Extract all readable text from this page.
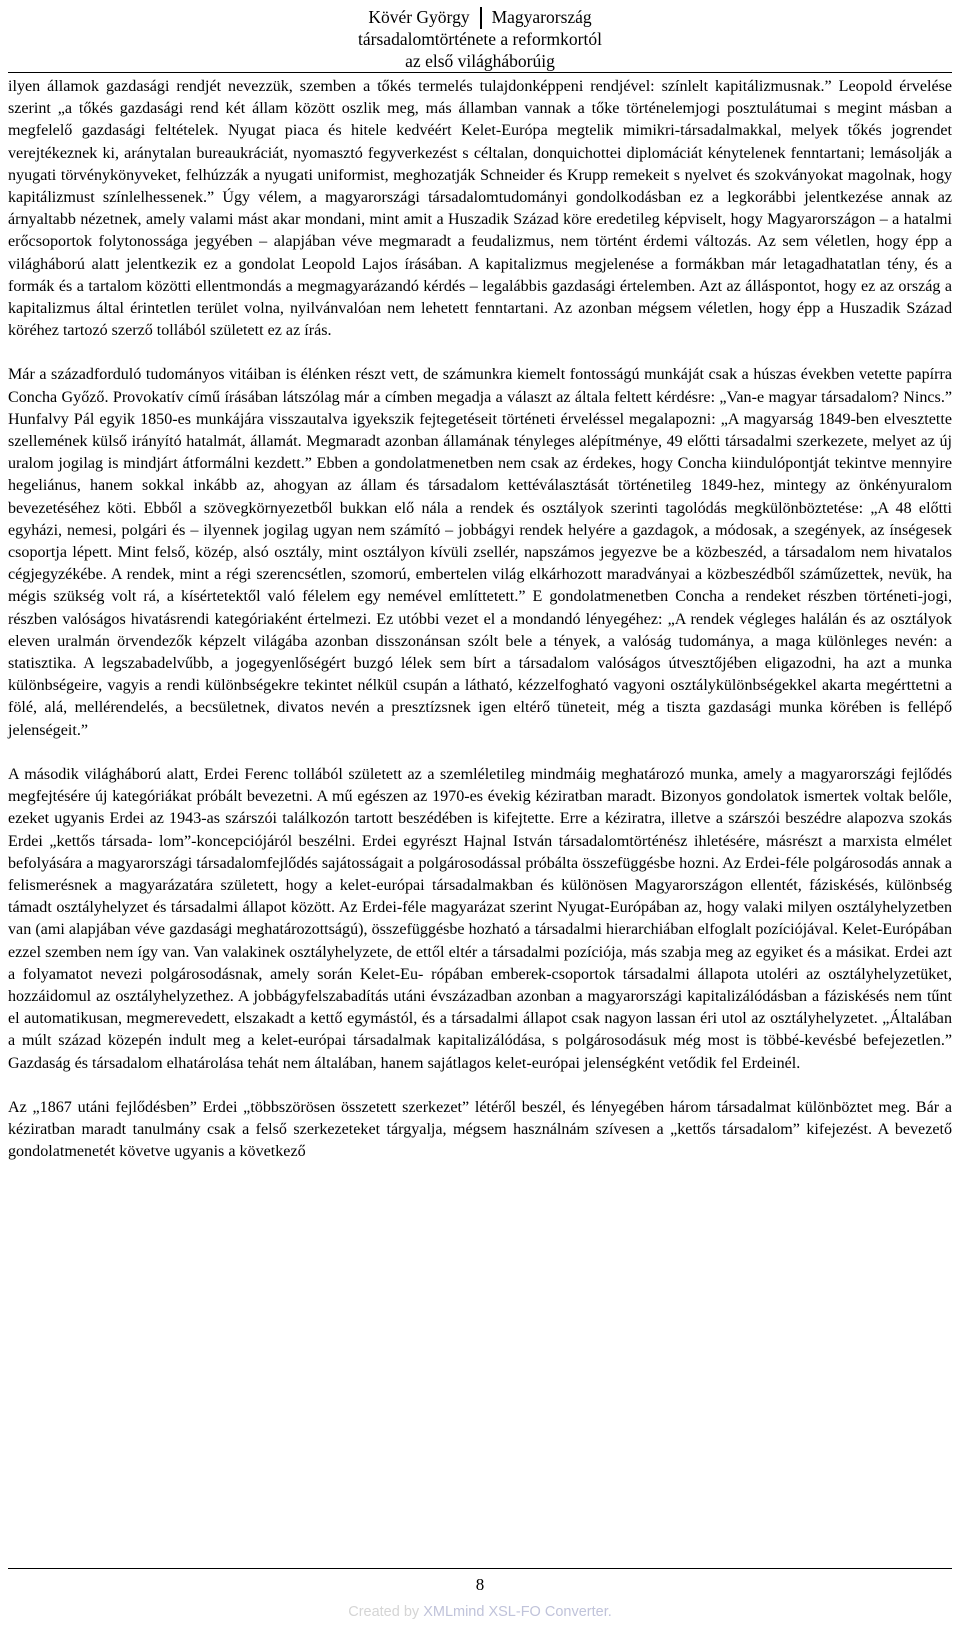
Kövér György	Magyarország
társadalomtörténete a reformkortól
az első világháborúig

ilyen államok gazdasági rendjét nevezzük, szemben a tőkés termelés tulajdonképpeni rendjével: színlelt kapitálizmusnak.” Leopold érvelése szerint „a tőkés gazdasági rend két állam között oszlik meg, más államban vannak a tőke történelemjogi posztulátumai s megint másban a megfelelő gazdasági feltételek. Nyugat piaca és hitele kedvéért Kelet-Európa megtelik mimikri-társadalmakkal, melyek tőkés jogrendet verejtékeznek ki, aránytalan bureaukráciát, nyomasztó fegyverkezést s céltalan, donquichottei diplomáciát kénytelenek fenntartani; lemásolják a nyugati törvénykönyveket, felhúzzák a nyugati uniformist, meghozatják Schneider és Krupp remekeit s nyelvet és szokványokat magolnak, hogy kapitálizmust színlelhessenek.” Úgy vélem, a magyarországi társadalomtudományi gondolkodásban ez a legkorábbi jelentkezése annak az árnyaltabb nézetnek, amely valami mást akar mondani, mint amit a Huszadik Század köre eredetileg képviselt, hogy Magyarországon – a hatalmi erőcsoportok folytonossága jegyében – alapjában véve megmaradt a feudalizmus, nem történt érdemi változás. Az sem véletlen, hogy épp a világháború alatt jelentkezik ez a gondolat Leopold Lajos írásában. A kapitalizmus megjelenése a formákban már letagadhatatlan tény, és a formák és a tartalom közötti ellentmondás a megmagyarázandó kérdés – legalábbis gazdasági értelemben. Azt az álláspontot, hogy ez az ország a kapitalizmus által érintetlen terület volna, nyilvánvalóan nem lehetett fenntartani. Az azonban mégsem véletlen, hogy épp a Huszadik Század köréhez tartozó szerző tollából született ez az írás.

Már a századforduló tudományos vitáiban is élénken részt vett, de számunkra kiemelt fontosságú munkáját csak a húszas években vetette papírra Concha Győző. Provokatív című írásában látszólag már a címben megadja a választ az általa feltett kérdésre: „Van-e magyar társadalom? Nincs.” Hunfalvy Pál egyik 1850-es munkájára visszautalva igyekszik fejtegetéseit történeti érveléssel megalapozni: „A magyarság 1849-ben elvesztette szellemének külső irányító hatalmát, államát. Megmaradt azonban államának tényleges alépítménye, 49 előtti társadalmi szerkezete, melyet az új uralom jogilag is mindjárt átformálni kezdett.” Ebben a gondolatmenetben nem csak az érdekes, hogy Concha kiindulópontját tekintve mennyire hegeliánus, hanem sokkal inkább az, ahogyan az állam és társadalom kettéválasztását történetileg 1849-hez, mintegy az önkényuralom bevezetéséhez köti. Ebből a szövegkörnyezetből bukkan elő nála a rendek és osztályok szerinti tagolódás megkülönböztetése: „A 48 előtti egyházi, nemesi, polgári és – ilyennek jogilag ugyan nem számító – jobbágyi rendek helyére a gazdagok, a módosak, a szegények, az ínségesek csoportja lépett. Mint felső, közép, alsó osztály, mint osztályon kívüli zsellér, napszámos jegyezve be a közbeszéd, a társadalom nem hivatalos cégjegyzékébe. A rendek, mint a régi szerencsétlen, szomorú, embertelen világ elkárhozott maradványai a közbeszédből száműzettek, nevük, ha mégis szükség volt rá, a kísértetektől való félelem egy nemével említtetett.” E gondolatmenetben Concha a rendeket részben történeti-jogi, részben valóságos hivatásrendi kategóriaként értelmezi. Ez utóbbi vezet el a mondandó lényegéhez: „A rendek végleges halálán és az osztályok eleven uralmán örvendezők képzelt világába azonban disszonánsan szólt bele a tények, a valóság tudománya, a maga különleges nevén: a statisztika. A legszabadelvűbb, a jogegyenlőségért buzgó lélek sem bírt a társadalom valóságos útvesztőjében eligazodni, ha azt a munka különbségeire, vagyis a rendi különbségekre tekintet nélkül csupán a látható, kézzelfogható vagyoni osztálykülönbségekkel akarta megérttetni a fölé, alá, mellérendelés, a becsületnek, divatos nevén a presztízsnek igen eltérő tüneteit, még a tiszta gazdasági munka körében is fellépő jelenségeit.”

A második világháború alatt, Erdei Ferenc tollából született az a szemléletileg mindmáig meghatározó munka, amely a magyarországi fejlődés megfejtésére új kategóriákat próbált bevezetni. A mű egészen az 1970-es évekig kéziratban maradt. Bizonyos gondolatok ismertek voltak belőle, ezeket ugyanis Erdei az 1943-as szárszói találkozón tartott beszédében is kifejtette. Erre a kéziratra, illetve a szárszói beszédre alapozva szokás Erdei „kettős társada- lom”-koncepciójáról beszélni. Erdei egyrészt Hajnal István társadalomtörténész ihletésére, másrészt a marxista elmélet befolyására a magyarországi társadalomfejlődés sajátosságait a polgárosodással próbálta összefüggésbe hozni. Az Erdei-féle polgárosodás annak a felismerésnek a magyarázatára született, hogy a kelet-európai társadalmakban és különösen Magyarországon ellentét, fáziskésés, különbség támadt osztályhelyzet és társadalmi állapot között. Az Erdei-féle magyarázat szerint Nyugat-Európában az, hogy valaki milyen osztályhelyzetben van (ami alapjában véve gazdasági meghatározottságú), összefüggésbe hozható a társadalmi hierarchiában elfoglalt pozíciójával. Kelet-Európában ezzel szemben nem így van. Van valakinek osztályhelyzete, de ettől eltér a társadalmi pozíciója, más szabja meg az egyiket és a másikat. Erdei azt a folyamatot nevezi polgárosodásnak, amely során Kelet-Eu- rópában emberek-csoportok társadalmi állapota utoléri az osztályhelyzetüket, hozzáidomul az osztályhelyzethez. A jobbágyfelszabadítás utáni évszázadban azonban a magyarországi kapitalizálódásban a fáziskésés nem tűnt el automatikusan, megmerevedett, elszakadt a kettő egymástól, és a társadalmi állapot csak nagyon lassan éri utol az osztályhelyzetet. „Általában a múlt század közepén indult meg a kelet-európai társadalmak kapitalizálódása, s polgárosodásuk még most is többé-kevésbé befejezetlen.” Gazdaság és társadalom elhatárolása tehát nem általában, hanem sajátlagos kelet-európai jelenségként vetődik fel Erdeinél.

Az „1867 utáni fejlődésben” Erdei „többszörösen összetett szerkezet” létéről beszél, és lényegében három társadalmat különböztet meg. Bár a kéziratban maradt tanulmány csak a felső szerkezeteket tárgyalja, mégsem használnám szívesen a „kettős társadalom” kifejezést. A bevezető gondolatmenetét követve ugyanis a következő

8
Created by XMLmind XSL-FO Converter.
